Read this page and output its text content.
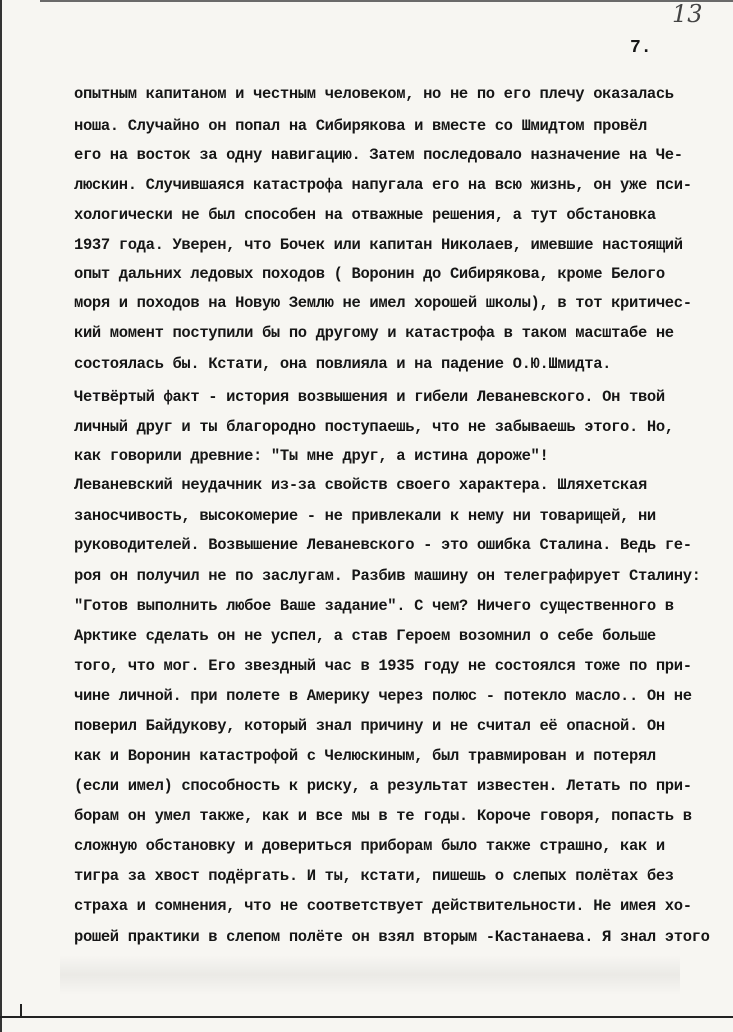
13
7.
опытным капитаном и честным человеком, но не по его плечу оказалась
ноша. Случайно он попал на Сибирякова и вместе со Шмидтом провёл
его на восток за одну навигацию. Затем последовало назначение на Че-
люскин. Случившаяся катастрофа напугала его на всю жизнь, он уже пси-
хологически не был способен на отважные решения, а тут обстановка
1937 года. Уверен, что Бочек или капитан Николаев, имевшие настоящий
опыт дальних ледовых походов ( Воронин до Сибирякова, кроме Белого
моря и походов на Новую Землю не имел хорошей школы), в тот критичес-
кий момент поступили бы по другому и катастрофа в таком масштабе не
состоялась бы. Кстати, она повлияла и на падение О.Ю.Шмидта.
Четвёртый факт - история возвышения и гибели Леваневского. Он твой
личный друг и ты благородно поступаешь, что не забываешь этого. Но,
как говорили древние: "Ты мне друг, а истина дороже"!
Леваневский неудачник из-за свойств своего характера. Шляхетская
заносчивость, высокомерие - не привлекали к нему ни товарищей, ни
руководителей. Возвышение Леваневского - это ошибка Сталина. Ведь ге-
роя он получил не по заслугам. Разбив машину он телеграфирует Сталину:
"Готов выполнить любое Ваше задание". С чем? Ничего существенного в
Арктике сделать он не успел, а став Героем возомнил о себе больше
того, что мог. Его звездный час в 1935 году не состоялся тоже по при-
чине личной. при полете в Америку через полюс - потекло масло.. Он не
поверил Байдукову, который знал причину и не считал её опасной. Он
как и Воронин катастрофой с Челюскиным, был травмирован и потерял
(если имел) способность к риску, а результат известен. Летать по при-
борам он умел также, как и все мы в те годы. Короче говоря, попасть в
сложную обстановку и довериться приборам было также страшно, как и
тигра за хвост подёргать. И ты, кстати, пишешь о слепых полётах без
страха и сомнения, что не соответствует действительности. Не имея хо-
рошей практики в слепом полёте он взял вторым -Кастанаева. Я знал этого
